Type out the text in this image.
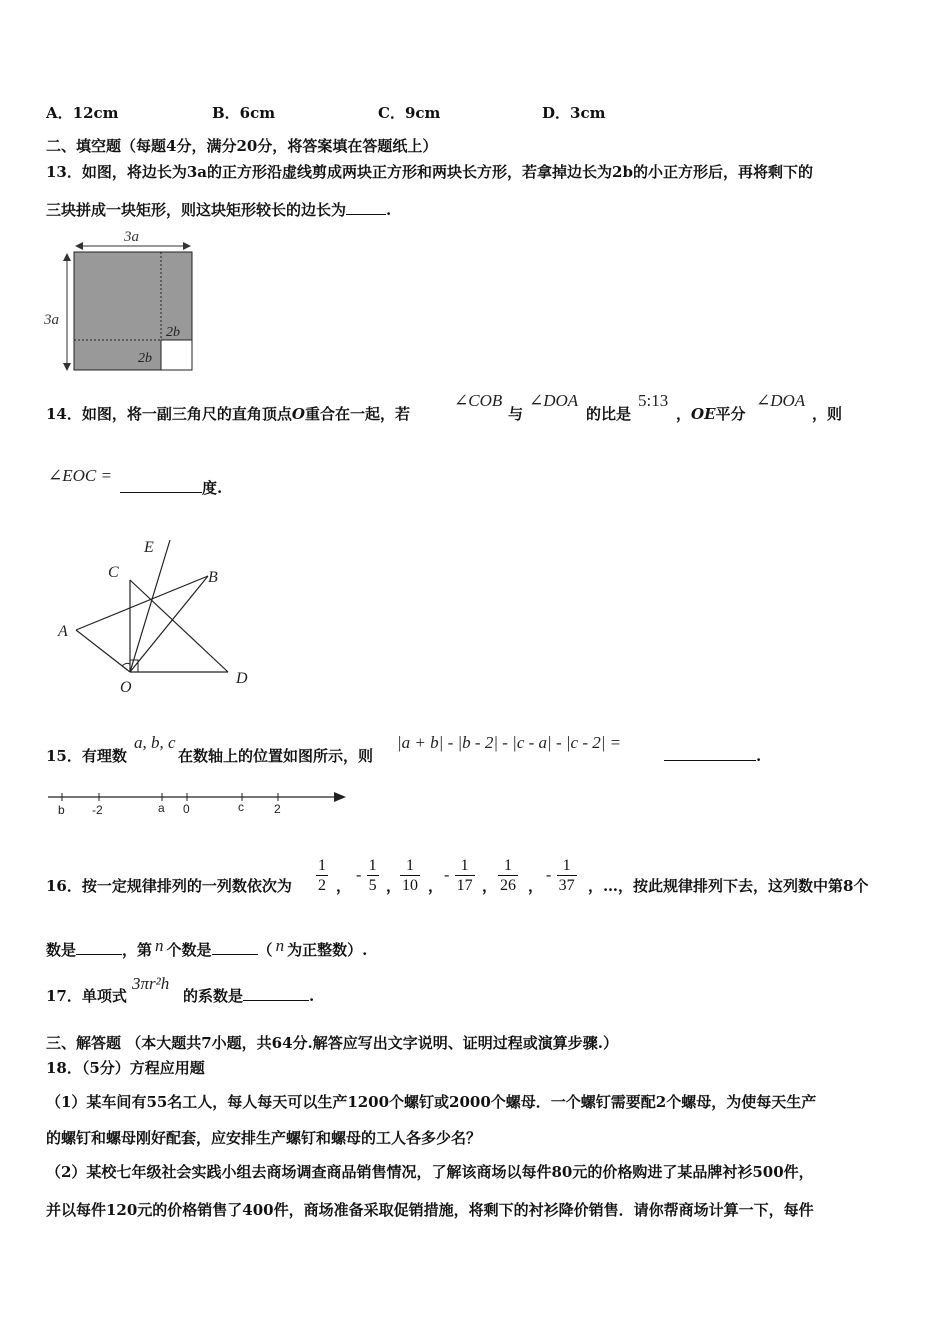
A．12cm	B．6cm	C．9cm	D．3cm
二、填空题（每题4分，满分20分，将答案填在答题纸上）
13．如图，将边长为3a的正方形沿虚线剪成两块正方形和两块长方形，若拿掉边长为2b的小正方形后，再将剩下的
三块拼成一块矩形，则这块矩形较长的边长为	.
3a
3a
2b
2b
14．如图，将一副三角尺的直角顶点O重合在一起，若
∠COB
与
∠DOA
的比是
5:13
，OE平分
∠DOA
，则
∠EOC =
度.
E
C	B
A
O
D
15．有理数
a, b, c
在数轴上的位置如图所示，则
|a + b| - |b - 2| - |c - a| - |c - 2| =
.
b -2	a 0	c	2
16．按一定规律排列的一列数依次为 $\frac{1}{2}$ ，
- $\frac{1}{5}$ ，
$\frac{1}{10}$ ，
- $\frac{1}{17}$ ， $\frac{1}{26}$ ，
- $\frac{1}{37}$ ，…，按此规律排列下去，这列数中第8个
数是	，第 n 个数是	（ n 为正整数）.
17．单项式
3πr²h
的系数是	.
三、解答题 （本大题共7小题，共64分.解答应写出文字说明、证明过程或演算步骤.）
18．（5分）方程应用题
（1）某车间有55名工人，每人每天可以生产1200个螺钉或2000个螺母．一个螺钉需要配2个螺母，为使每天生产
的螺钉和螺母刚好配套，应安排生产螺钉和螺母的工人各多少名？
（2）某校七年级社会实践小组去商场调查商品销售情况，了解该商场以每件80元的价格购进了某品牌衬衫500件，
并以每件120元的价格销售了400件，商场准备采取促销措施，将剩下的衬衫降价销售．请你帮商场计算一下，每件
